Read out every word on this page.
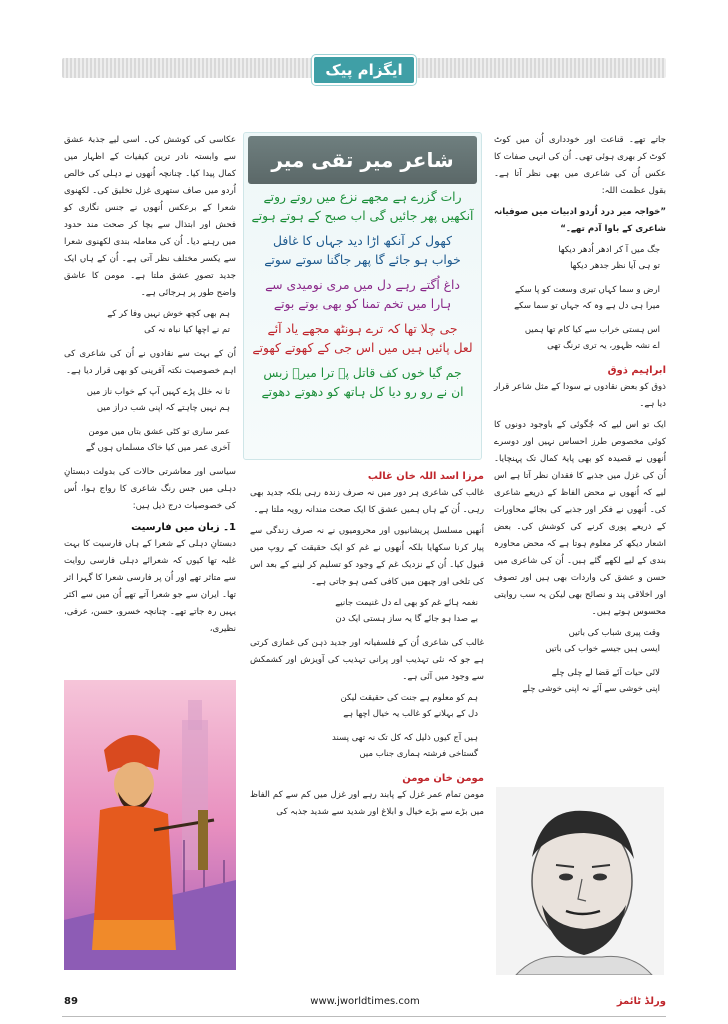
ایگزام پیک

جاتے تھے۔ قناعت اور خودداری اُن میں کوٹ کوٹ کر بھری ہوئی تھی۔ اُن کی انہی صفات کا عکس اُن کی شاعری میں بھی نظر آتا ہے۔ بقول عظمت اللہ:

”خواجہ میر درد اُردو ادبیات میں صوفیانہ شاعری کے باوا آدم تھے۔“

جگ میں آ کر ادھر اُدھر دیکھا
تو ہی آیا نظر جدھر دیکھا
ارض و سما کہاں تیری وسعت کو پا سکے
میرا ہی دل ہے وہ کہ جہاں تو سما سکے
اس ہستی خراب سے کیا کام تھا ہمیں
اے نشہ ظہور، یہ تری ترنگ تھی
ابراہیم ذوق

ذوق کو بعض نقادوں نے سودا کے مثل شاعر قرار دیا ہے۔

ایک تو اس لیے کہ جُگوئی کے باوجود دونوں کا کوئی مخصوص طرز احساس نہیں اور دوسرے اُنھوں نے قصیدہ کو بھی پایۂ کمال تک پہنچایا۔ اُن کی غزل میں جذبے کا فقدان نظر آتا ہے اس لیے کہ اُنھوں نے محض الفاظ کے ذریعے شاعری کی۔ اُنھوں نے فکر اور جذبے کی بجائے محاورات کے ذریعے پوری کرنے کی کوشش کی۔ بعض اشعار دیکھ کر معلوم ہوتا ہے کہ محض محاورہ بندی کے لیے لکھے گئے ہیں۔ اُن کی شاعری میں حسن و عشق کی واردات بھی ہیں اور تصوف اور اخلاقی پند و نصائح بھی لیکن یہ سب روایتی محسوس ہوتے ہیں۔

وقت پیری شباب کی باتیں
ایسی ہیں جیسے خواب کی باتیں
لائی حیات آئے قضا لے چلی چلے
اپنی خوشی سے آئے نہ اپنی خوشی چلے
شاعر میر تقی میر
رات گزرے ہے مجھے نزع میں روتے روتے
آنکھیں پھر جائیں گی اب صبح کے ہوتے ہوتے
کھول کر آنکھ اڑا دید جہاں کا غافل
خواب ہو جائے گا پھر جاگنا سوتے سوتے
داغ اُگتے رہے دل میں مری نومیدی سے
ہارا میں تخم تمنا کو بھی بوتے بوتے
جی چلا تھا کہ ترے ہونٹھ مجھے یاد آئے
لعل پائیں ہیں میں اس جی کے کھوتے کھوتے
جم گیا خوں کف قاتل پہ ترا میرؔ زبس
ان نے رو رو دیا کل ہاتھ کو دھوتے دھوتے
مرزا اسد اللہ خان غالب

غالب کی شاعری ہر دور میں نہ صرف زندہ رہی بلکہ جدید بھی رہی۔ اُن کے ہاں ہمیں عشق کا ایک صحت مندانہ رویہ ملتا ہے۔

اُنھیں مسلسل پریشانیوں اور محرومیوں نے نہ صرف زندگی سے پیار کرنا سکھایا بلکہ اُنھوں نے غم کو ایک حقیقت کے روپ میں قبول کیا۔ اُن کے نزدیک غم کے وجود کو تسلیم کر لینے کے بعد اس کی تلخی اور چبھن میں کافی کمی ہو جاتی ہے۔

نغمہ ہائے غم کو بھی اے دل غنیمت جانیے
بے صدا ہو جائے گا یہ ساز ہستی ایک دن

غالب کی شاعری اُن کے فلسفیانہ اور جدید ذہن کی غمازی کرتی ہے جو کہ نئی تہذیب اور پرانی تہذیب کی آویزش اور کشمکش سے وجود میں آئی ہے۔

ہم کو معلوم ہے جنت کی حقیقت لیکن
دل کے بہلانے کو غالب یہ خیال اچھا ہے
ہیں آج کیوں ذلیل کہ کل تک نہ تھی پسند
گستاخی فرشتہ ہماری جناب میں
مومن خان مومن

مومن تمام عمر غزل کے پابند رہے اور غزل میں کم سے کم الفاظ میں بڑے سے بڑے خیال و ابلاغ اور شدید سے شدید جذبہ کی

عکاسی کی کوشش کی۔ اسی لیے جذبۂ عشق سے وابستہ نادر ترین کیفیات کے اظہار میں کمال پیدا کیا۔ چنانچہ اُنھوں نے دہلی کی خالص اُردو میں صاف ستھری غزل تخلیق کی۔ لکھنوی شعرا کے برعکس اُنھوں نے جنس نگاری کو فحش اور ابتذال سے بچا کر صحت مند حدود میں رہنے دیا۔ اُن کی معاملہ بندی لکھنوی شعرا سے یکسر مختلف نظر آتی ہے۔ اُن کے ہاں ایک جدید تصورِ عشق ملتا ہے۔ مومن کا عاشق واضح طور پر ہرجائی ہے۔

ہم بھی کچھ خوش نہیں وفا کر کے
تم نے اچھا کیا نباہ نہ کی

اُن کے بہت سے نقادوں نے اُن کی شاعری کی اہم خصوصیت نکتہ آفرینی کو بھی قرار دیا ہے۔

تا نہ خلل پڑے کہیں آپ کے خواب ناز میں
ہم نہیں چاہتے کہ اپنی شب دراز میں
عمر ساری تو کٹی عشق بتاں میں مومن
آخری عمر میں کیا خاک مسلماں ہوں گے

سیاسی اور معاشرتی حالات کی بدولت دبستانِ دہلی میں جس رنگ شاعری کا رواج ہوا، اُس کی خصوصیات درج ذیل ہیں:

1۔ زبان میں فارسیت

دبستانِ دہلی کے شعرا کے ہاں فارسیت کا بہت غلبہ تھا کیوں کہ شعرائے دہلی فارسی روایت سے متاثر تھے اور اُن پر فارسی شعرا کا گہرا اثر تھا۔ ایران سے جو شعرا آتے تھے اُن میں سے اکثر یہیں رہ جاتے تھے۔ چنانچہ خسرو، حسن، عرفی، نظیری،

89	www.jworldtimes.com	ورلڈ ٹائمز
